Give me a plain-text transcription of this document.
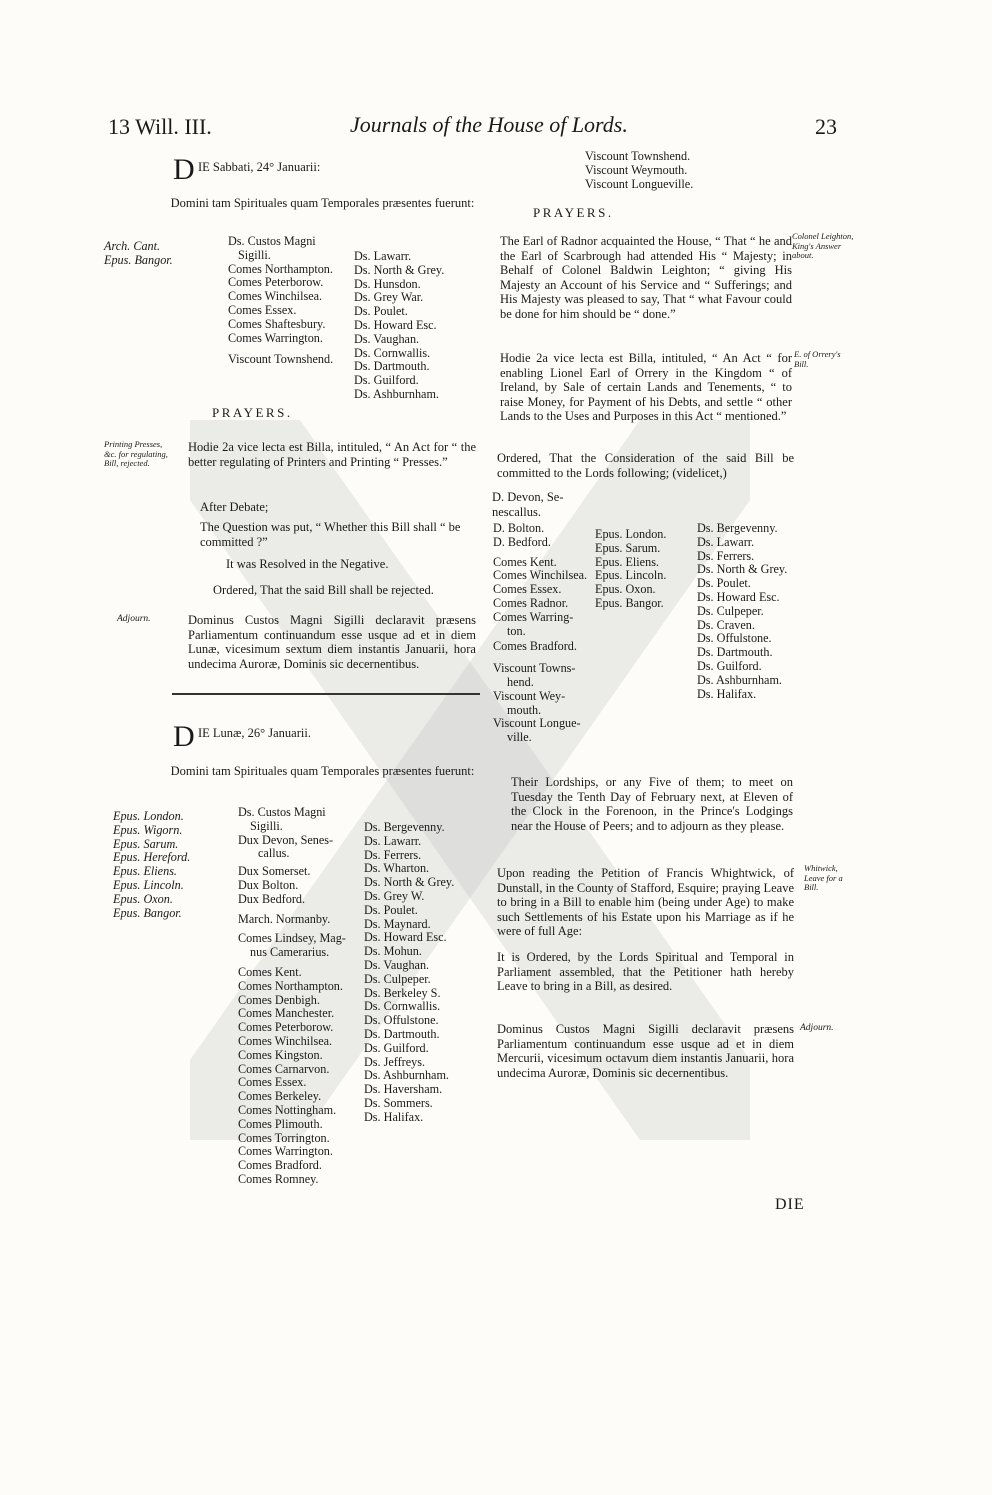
13 Will. III.	Journals of the House of Lords.	23
D IE Sabbati, 24° Januarii:
Domini tam Spirituales quam Temporales præsentes fuerunt:
Arch. Cant.
Epus. Bangor.
Ds. Custos Magni
Sigilli.
Comes Northampton.
Comes Peterborow.
Comes Winchilsea.
Comes Essex.
Comes Shaftesbury.
Comes Warrington.
Viscount Townshend.
Ds. Lawarr.
Ds. North & Grey.
Ds. Hunsdon.
Ds. Grey War.
Ds. Poulet.
Ds. Howard Esc.
Ds. Vaughan.
Ds. Cornwallis.
Ds. Dartmouth.
Ds. Guilford.
Ds. Ashburnham.
PRAYERS.
Printing Presses, &c. for regulating, Bill, rejected.
Hodie 2a vice lecta est Billa, intituled, “ An Act for “ the better regulating of Printers and Printing “ Presses.”
After Debate;
The Question was put, “ Whether this Bill shall “ be committed ?”
It was Resolved in the Negative.
Ordered, That the said Bill shall be rejected.
Adjourn.	Dominus Custos Magni Sigilli declaravit præsens Parliamentum continuandum esse usque ad et in diem Lunæ, vicesimum sextum diem instantis Januarii, hora undecima Auroræ, Dominis sic decernentibus.
D IE Lunæ, 26° Januarii.
Domini tam Spirituales quam Temporales præsentes fuerunt:
Epus. London.
Epus. Wigorn.
Epus. Sarum.
Epus. Hereford.
Epus. Eliens.
Epus. Lincoln.
Epus. Oxon.
Epus. Bangor.
Ds. Custos Magni
Sigilli.
Dux Devon, Senes-
callus.
Dux Somerset.
Dux Bolton.
Dux Bedford.
March. Normanby.
Comes Lindsey, Mag-
nus Camerarius.
Comes Kent.
Comes Northampton.
Comes Denbigh.
Comes Manchester.
Comes Peterborow.
Comes Winchilsea.
Comes Kingston.
Comes Carnarvon.
Comes Essex.
Comes Berkeley.
Comes Nottingham.
Comes Plimouth.
Comes Torrington.
Comes Warrington.
Comes Bradford.
Comes Romney.
Ds. Bergevenny.
Ds. Lawarr.
Ds. Ferrers.
Ds. Wharton.
Ds. North & Grey.
Ds. Grey W.
Ds. Poulet.
Ds. Maynard.
Ds. Howard Esc.
Ds. Mohun.
Ds. Vaughan.
Ds. Culpeper.
Ds. Berkeley S.
Ds. Cornwallis.
Ds. Offulstone.
Ds. Dartmouth.
Ds. Guilford.
Ds. Jeffreys.
Ds. Ashburnham.
Ds. Haversham.
Ds. Sommers.
Ds. Halifax.
Viscount Townshend.
Viscount Weymouth.
Viscount Longueville.
PRAYERS.
The Earl of Radnor acquainted the House, “ That “ he and the Earl of Scarbrough had attended His “ Majesty; in Behalf of Colonel Baldwin Leighton; “ giving His Majesty an Account of his Service and “ Sufferings; and His Majesty was pleased to say, That “ what Favour could be done for him should be “ done.”
Colonel Leighton, King's Answer about.
Hodie 2a vice lecta est Billa, intituled, “ An Act “ for enabling Lionel Earl of Orrery in the Kingdom “ of Ireland, by Sale of certain Lands and Tenements, “ to raise Money, for Payment of his Debts, and settle “ other Lands to the Uses and Purposes in this Act “ mentioned.”
E. of Orrery's Bill.
Ordered, That the Consideration of the said Bill be committed to the Lords following; (videlicet,)
D. Devon, Se- nescallus.
D. Bolton.
D. Bedford.
Comes Kent.
Comes Winchilsea.
Comes Essex.
Comes Radnor.
Comes Warring-
ton.
Comes Bradford.
Viscount Towns-
hend.
Viscount Wey-
mouth.
Viscount Longue-
ville.
Epus. London.
Epus. Sarum.
Epus. Eliens.
Epus. Lincoln.
Epus. Oxon.
Epus. Bangor.
Ds. Bergevenny.
Ds. Lawarr.
Ds. Ferrers.
Ds. North & Grey.
Ds. Poulet.
Ds. Howard Esc.
Ds. Culpeper.
Ds. Craven.
Ds. Offulstone.
Ds. Dartmouth.
Ds. Guilford.
Ds. Ashburnham.
Ds. Halifax.
Their Lordships, or any Five of them; to meet on Tuesday the Tenth Day of February next, at Eleven of the Clock in the Forenoon, in the Prince's Lodgings near the House of Peers; and to adjourn as they please.
Upon reading the Petition of Francis Whightwick, of Dunstall, in the County of Stafford, Esquire; praying Leave to bring in a Bill to enable him (being under Age) to make such Settlements of his Estate upon his Marriage as if he were of full Age:
Whitwick, Leave for a Bill.
It is Ordered, by the Lords Spiritual and Temporal in Parliament assembled, that the Petitioner hath hereby Leave to bring in a Bill, as desired.
Dominus Custos Magni Sigilli declaravit præsens Parliamentum continuandum esse usque ad et in diem Mercurii, vicesimum octavum diem instantis Januarii, hora undecima Auroræ, Dominis sic decernentibus.
Adjourn.
DIE
